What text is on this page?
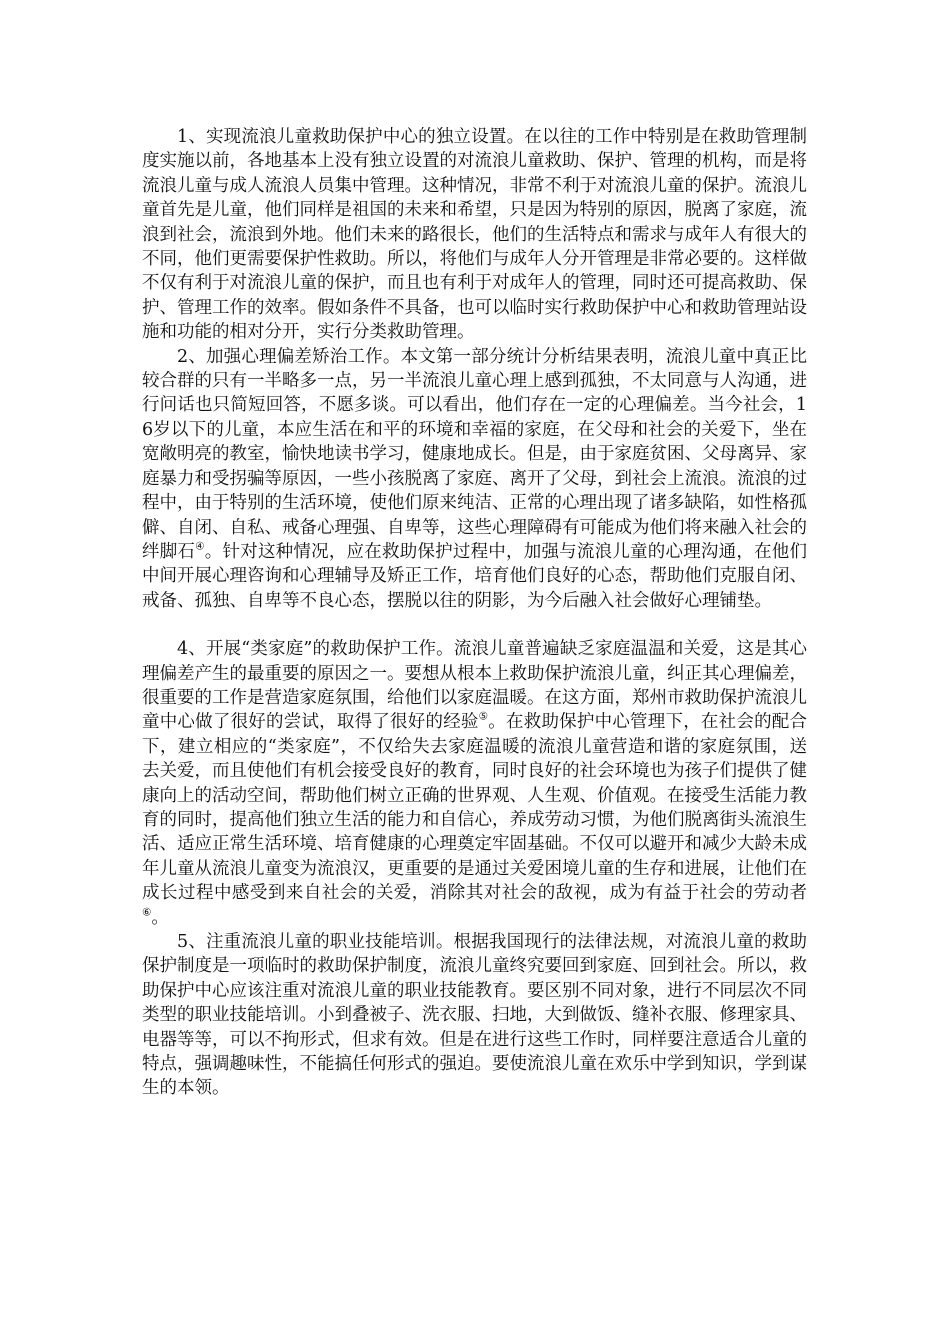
1、实现流浪儿童救助保护中心的独立设置。在以往的工作中特别是在救助管理制度实施以前，各地基本上没有独立设置的对流浪儿童救助、保护、管理的机构，而是将流浪儿童与成人流浪人员集中管理。这种情况，非常不利于对流浪儿童的保护。流浪儿童首先是儿童，他们同样是祖国的未来和希望，只是因为特别的原因，脱离了家庭，流浪到社会，流浪到外地。他们未来的路很长，他们的生活特点和需求与成年人有很大的不同，他们更需要保护性救助。所以，将他们与成年人分开管理是非常必要的。这样做不仅有利于对流浪儿童的保护，而且也有利于对成年人的管理，同时还可提高救助、保护、管理工作的效率。假如条件不具备，也可以临时实行救助保护中心和救助管理站设施和功能的相对分开，实行分类救助管理。

2、加强心理偏差矫治工作。本文第一部分统计分析结果表明，流浪儿童中真正比较合群的只有一半略多一点，另一半流浪儿童心理上感到孤独，不太同意与人沟通，进行问话也只简短回答，不愿多谈。可以看出，他们存在一定的心理偏差。当今社会，16岁以下的儿童，本应生活在和平的环境和幸福的家庭，在父母和社会的关爱下，坐在宽敞明亮的教室，愉快地读书学习，健康地成长。但是，由于家庭贫困、父母离异、家庭暴力和受拐骗等原因，一些小孩脱离了家庭、离开了父母，到社会上流浪。流浪的过程中，由于特别的生活环境，使他们原来纯洁、正常的心理出现了诸多缺陷，如性格孤僻、自闭、自私、戒备心理强、自卑等，这些心理障碍有可能成为他们将来融入社会的绊脚石④。针对这种情况，应在救助保护过程中，加强与流浪儿童的心理沟通，在他们中间开展心理咨询和心理辅导及矫正工作，培育他们良好的心态，帮助他们克服自闭、戒备、孤独、自卑等不良心态，摆脱以往的阴影，为今后融入社会做好心理铺垫。

4、开展“类家庭”的救助保护工作。流浪儿童普遍缺乏家庭温温和关爱，这是其心理偏差产生的最重要的原因之一。要想从根本上救助保护流浪儿童，纠正其心理偏差，很重要的工作是营造家庭氛围，给他们以家庭温暖。在这方面，郑州市救助保护流浪儿童中心做了很好的尝试，取得了很好的经验⑤。在救助保护中心管理下，在社会的配合下，建立相应的“类家庭”，不仅给失去家庭温暖的流浪儿童营造和谐的家庭氛围，送去关爱，而且使他们有机会接受良好的教育，同时良好的社会环境也为孩子们提供了健康向上的活动空间，帮助他们树立正确的世界观、人生观、价值观。在接受生活能力教育的同时，提高他们独立生活的能力和自信心，养成劳动习惯，为他们脱离街头流浪生活、适应正常生活环境、培育健康的心理奠定牢固基础。不仅可以避开和减少大龄未成年儿童从流浪儿童变为流浪汉，更重要的是通过关爱困境儿童的生存和进展，让他们在成长过程中感受到来自社会的关爱，消除其对社会的敌视，成为有益于社会的劳动者⑥。

5、注重流浪儿童的职业技能培训。根据我国现行的法律法规，对流浪儿童的救助保护制度是一项临时的救助保护制度，流浪儿童终究要回到家庭、回到社会。所以，救助保护中心应该注重对流浪儿童的职业技能教育。要区别不同对象，进行不同层次不同类型的职业技能培训。小到叠被子、洗衣服、扫地，大到做饭、缝补衣服、修理家具、电器等等，可以不拘形式，但求有效。但是在进行这些工作时，同样要注意适合儿童的特点，强调趣味性，不能搞任何形式的强迫。要使流浪儿童在欢乐中学到知识，学到谋生的本领。
